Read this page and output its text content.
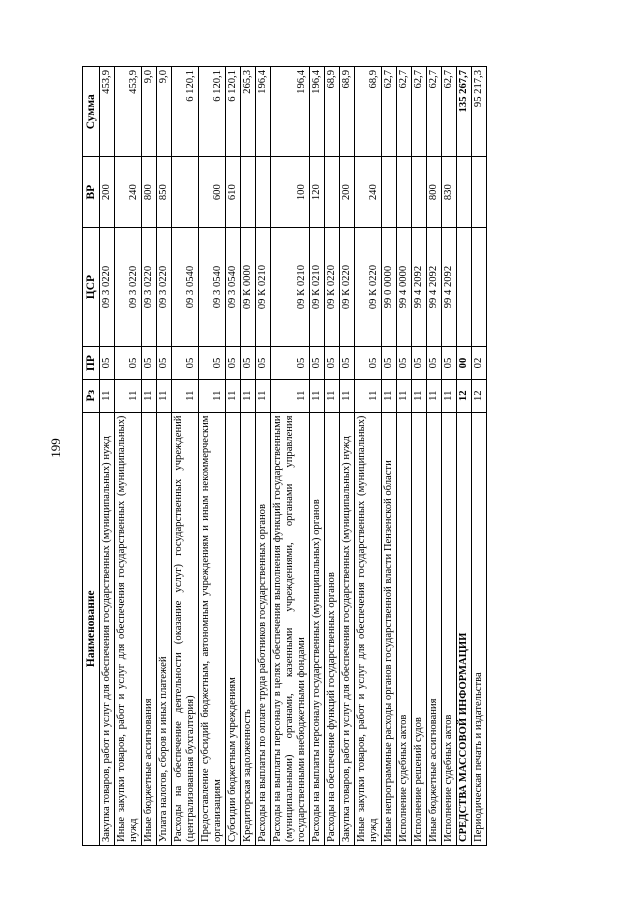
199
Наименование	Рз	ПР	ЦСР	ВР	Сумма
Закупка товаров, работ и услуг для обеспечения государственных (муниципальных) нужд	11	05	09 3 0220	200	453,9
Иные закупки товаров, работ и услуг для обеспечения государственных (муниципальных) нужд	11	05	09 3 0220	240	453,9
Иные бюджетные ассигнования	11	05	09 3 0220	800	9,0
Уплата налогов, сборов и иных платежей	11	05	09 3 0220	850	9,0
Расходы на обеспечение деятельности (оказание услуг) государственных учреждений (централизованная бухгалтерия)	11	05	09 3 0540		6 120,1
Предоставление субсидий бюджетным, автономным учреждениям и иным некоммерческим организациям	11	05	09 3 0540	600	6 120,1
Субсидии бюджетным учреждениям	11	05	09 3 0540	610	6 120,1
Кредиторская задолженность	11	05	09 К 0000		265,3
Расходы на выплаты по оплате труда работников государственных органов	11	05	09 К 0210		196,4
Расходы на выплаты персоналу в целях обеспечения выполнения функций государственными (муниципальными) органами, казенными учреждениями, органами управления государственными внебюджетными фондами	11	05	09 К 0210	100	196,4
Расходы на выплаты персоналу государственных (муниципальных) органов	11	05	09 К 0210	120	196,4
Расходы на обеспечение функций государственных органов	11	05	09 К 0220		68,9
Закупка товаров, работ и услуг для обеспечения государственных (муниципальных) нужд	11	05	09 К 0220	200	68,9
Иные закупки товаров, работ и услуг для обеспечения государственных (муниципальных) нужд	11	05	09 К 0220	240	68,9
Иные непрограммные расходы органов государственной власти Пензенской области	11	05	99 0 0000		62,7
Исполнение судебных актов	11	05	99 4 0000		62,7
Исполнение решений судов	11	05	99 4 2092		62,7
Иные бюджетные ассигнования	11	05	99 4 2092	800	62,7
Исполнение судебных актов	11	05	99 4 2092	830	62,7
СРЕДСТВА МАССОВОЙ ИНФОРМАЦИИ	12	00			135 267,7
Периодическая печать и издательства	12	02			95 217,3
